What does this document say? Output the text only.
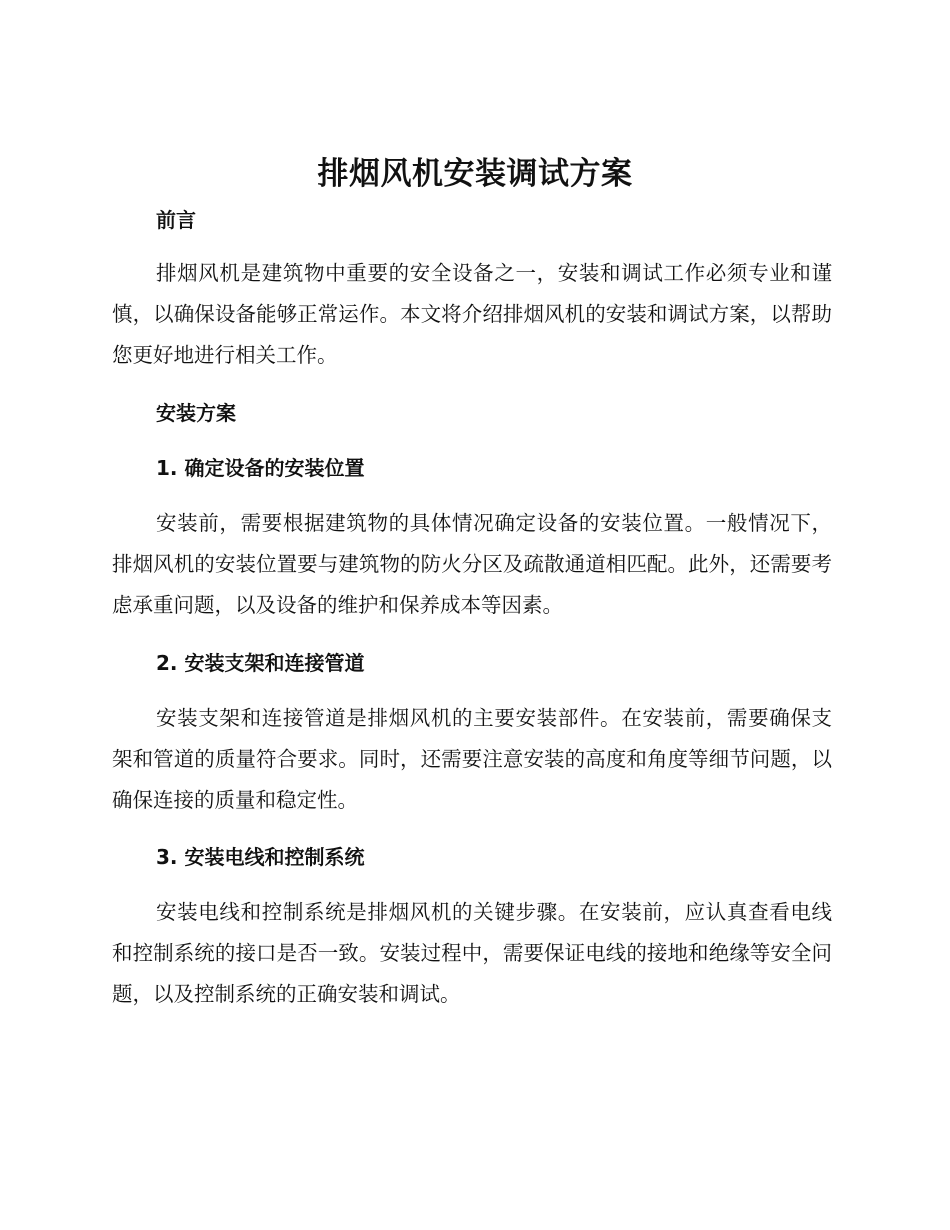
排烟风机安装调试方案
前言
排烟风机是建筑物中重要的安全设备之一，安装和调试工作必须专业和谨慎，以确保设备能够正常运作。本文将介绍排烟风机的安装和调试方案，以帮助您更好地进行相关工作。
安装方案
1. 确定设备的安装位置
安装前，需要根据建筑物的具体情况确定设备的安装位置。一般情况下，排烟风机的安装位置要与建筑物的防火分区及疏散通道相匹配。此外，还需要考虑承重问题，以及设备的维护和保养成本等因素。
2. 安装支架和连接管道
安装支架和连接管道是排烟风机的主要安装部件。在安装前，需要确保支架和管道的质量符合要求。同时，还需要注意安装的高度和角度等细节问题，以确保连接的质量和稳定性。
3. 安装电线和控制系统
安装电线和控制系统是排烟风机的关键步骤。在安装前，应认真查看电线和控制系统的接口是否一致。安装过程中，需要保证电线的接地和绝缘等安全问题，以及控制系统的正确安装和调试。
